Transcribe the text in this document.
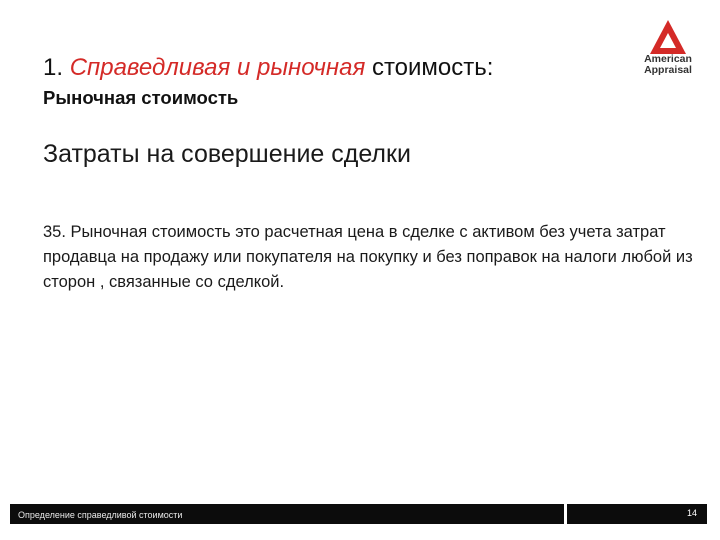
1. Справедливая и рыночная стоимость:
Рыночная стоимость
American
Appraisal
Затраты на совершение сделки

35. Рыночная стоимость это расчетная цена в сделке с активом без учета затрат продавца на продажу или покупателя на покупку и без поправок на налоги любой из сторон , связанные со сделкой.

Определение справедливой стоимости	14
